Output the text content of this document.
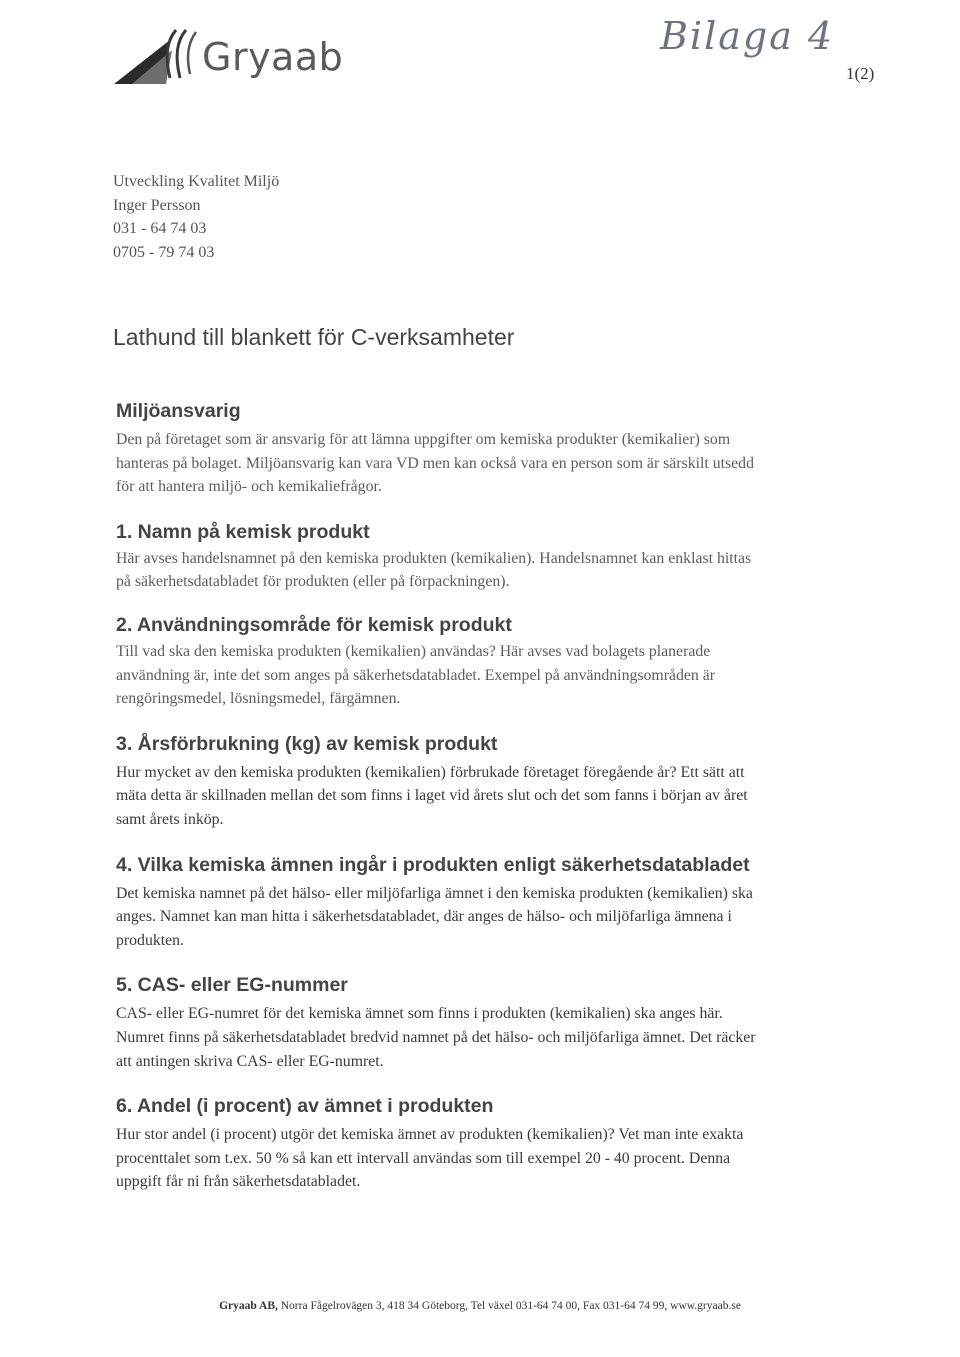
Gryaab	Bilaga 4
1(2)
Utveckling Kvalitet Miljö
Inger Persson
031 - 64 74 03
0705 - 79 74 03
Lathund till blankett för C-verksamheter
Miljöansvarig

Den på företaget som är ansvarig för att lämna uppgifter om kemiska produkter (kemikalier) som
hanteras på bolaget. Miljöansvarig kan vara VD men kan också vara en person som är särskilt utsedd
för att hantera miljö- och kemikaliefrågor.

1. Namn på kemisk produkt

Här avses handelsnamnet på den kemiska produkten (kemikalien). Handelsnamnet kan enklast hittas
på säkerhetsdatabladet för produkten (eller på förpackningen).

2. Användningsområde för kemisk produkt

Till vad ska den kemiska produkten (kemikalien) användas? Här avses vad bolagets planerade
användning är, inte det som anges på säkerhetsdatabladet. Exempel på användningsområden är
rengöringsmedel, lösningsmedel, färgämnen.

3. Årsförbrukning (kg) av kemisk produkt

Hur mycket av den kemiska produkten (kemikalien) förbrukade företaget föregående år? Ett sätt att
mäta detta är skillnaden mellan det som finns i laget vid årets slut och det som fanns i början av året
samt årets inköp.

4. Vilka kemiska ämnen ingår i produkten enligt säkerhetsdatabladet

Det kemiska namnet på det hälso- eller miljöfarliga ämnet i den kemiska produkten (kemikalien) ska
anges. Namnet kan man hitta i säkerhetsdatabladet, där anges de hälso- och miljöfarliga ämnena i
produkten.

5. CAS- eller EG-nummer

CAS- eller EG-numret för det kemiska ämnet som finns i produkten (kemikalien) ska anges här.
Numret finns på säkerhetsdatabladet bredvid namnet på det hälso- och miljöfarliga ämnet. Det räcker
att antingen skriva CAS- eller EG-numret.

6. Andel (i procent) av ämnet i produkten

Hur stor andel (i procent) utgör det kemiska ämnet av produkten (kemikalien)? Vet man inte exakta
procenttalet som t.ex. 50 % så kan ett intervall användas som till exempel 20 - 40 procent. Denna
uppgift får ni från säkerhetsdatabladet.

Gryaab AB, Norra Fågelrovägen 3, 418 34 Göteborg, Tel växel 031-64 74 00, Fax 031-64 74 99, www.gryaab.se
